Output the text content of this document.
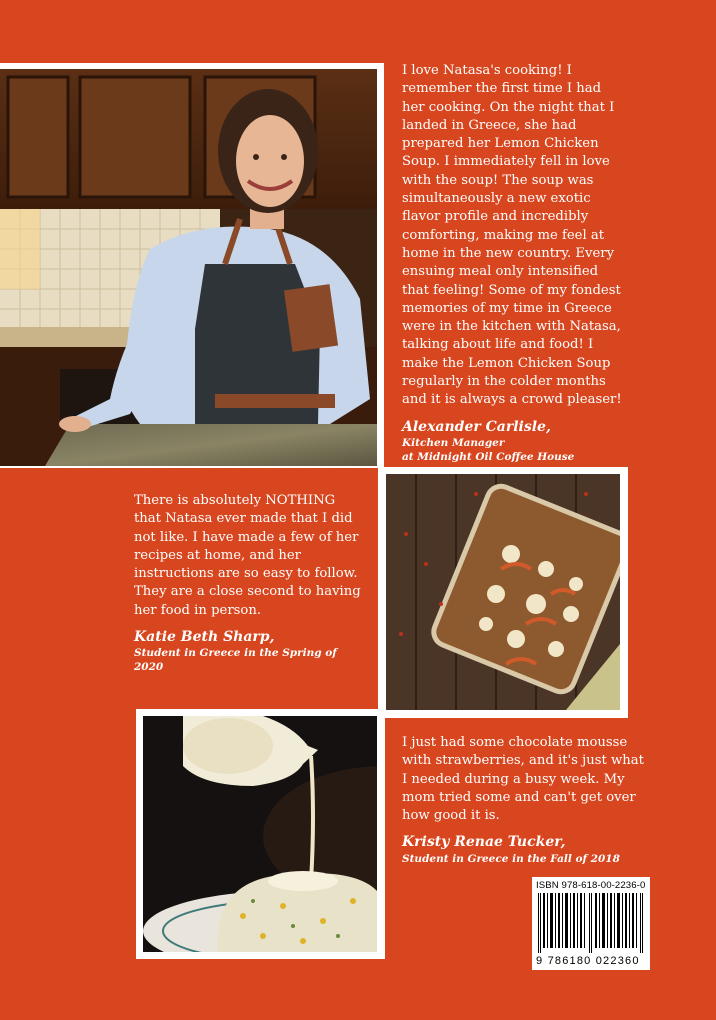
I love Natasa's cooking! I remember the first time I had her cooking. On the night that I landed in Greece, she had prepared her Lemon Chicken Soup. I immediately fell in love with the soup! The soup was simultaneously a new exotic flavor profile and incredibly comforting, making me feel at home in the new country. Every ensuing meal only intensified that feeling! Some of my fondest memories of my time in Greece were in the kitchen with Natasa, talking about life and food! I make the Lemon Chicken Soup regularly in the colder months and it is always a crowd pleaser!

Alexander Carlisle,
Kitchen Manager
at Midnight Oil Coffee House

There is absolutely NOTHING that Natasa ever made that I did not like. I have made a few of her recipes at home, and her instructions are so easy to follow. They are a close second to having her food in person.

Katie Beth Sharp,
Student in Greece in the Spring of 2020

I just had some chocolate mousse with strawberries, and it's just what I needed during a busy week. My mom tried some and can't get over how good it is.

Kristy Renae Tucker,
Student in Greece in the Fall of 2018
ISBN 978-618-00-2236-0
9 786180 022360
